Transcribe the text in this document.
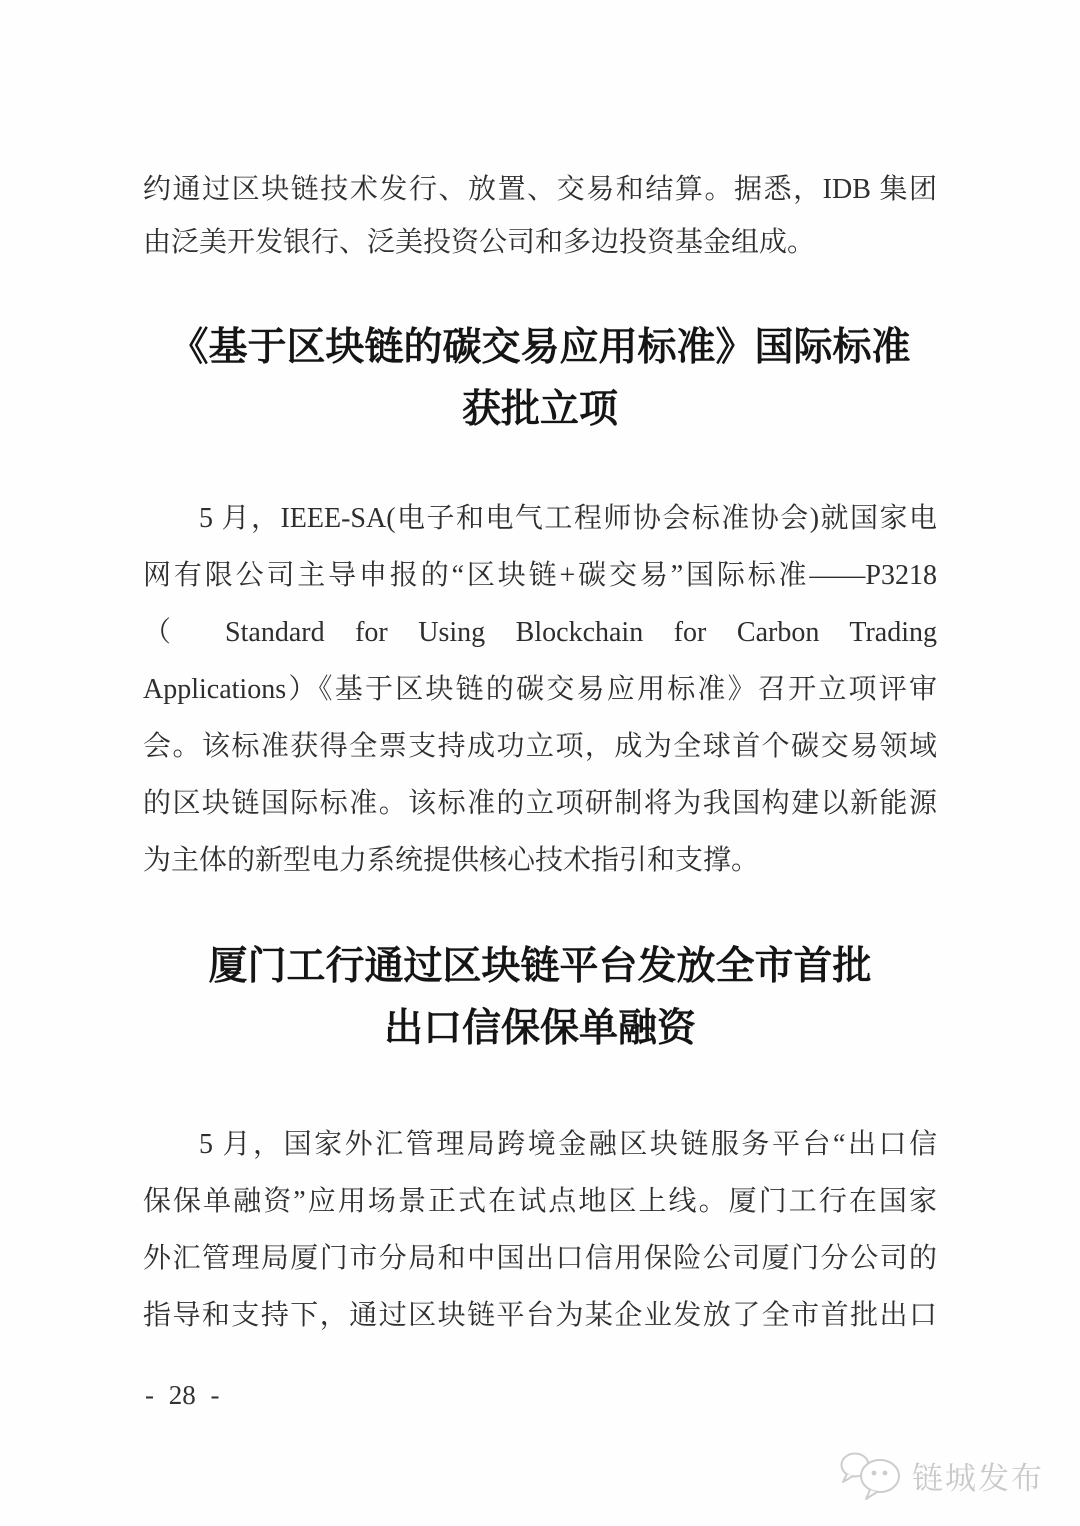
约通过区块链技术发行、放置、交易和结算。据悉，IDB 集团
由泛美开发银行、泛美投资公司和多边投资基金组成。
《基于区块链的碳交易应用标准》国际标准
获批立项
5 月，IEEE-SA(电子和电气工程师协会标准协会)就国家电
网有限公司主导申报的“区块链+碳交易”国际标准——P3218
（ Standard for Using Blockchain for Carbon Trading
Applications）《基于区块链的碳交易应用标准》召开立项评审
会。该标准获得全票支持成功立项，成为全球首个碳交易领域
的区块链国际标准。该标准的立项研制将为我国构建以新能源
为主体的新型电力系统提供核心技术指引和支撑。
厦门工行通过区块链平台发放全市首批
出口信保保单融资
5 月，国家外汇管理局跨境金融区块链服务平台“出口信
保保单融资”应用场景正式在试点地区上线。厦门工行在国家
外汇管理局厦门市分局和中国出口信用保险公司厦门分公司的
指导和支持下，通过区块链平台为某企业发放了全市首批出口
- 28 -
链城发布
